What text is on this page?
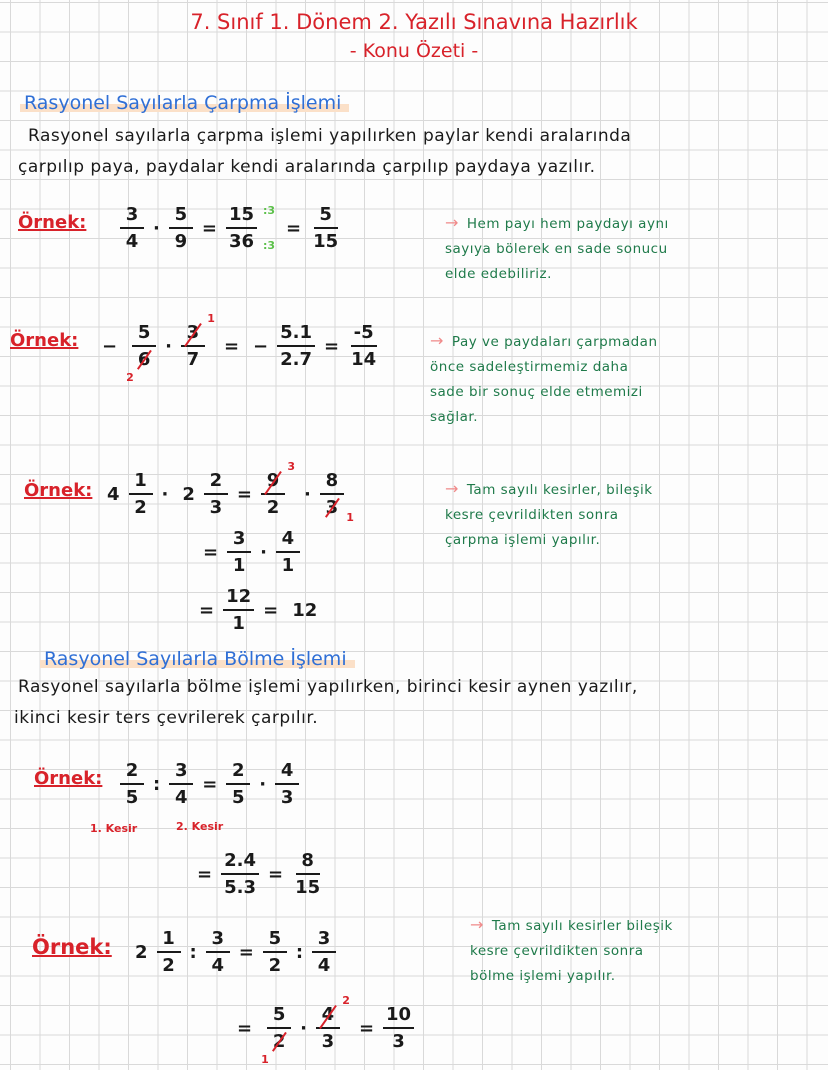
7. Sınıf 1. Dönem 2. Yazılı Sınavına Hazırlık
- Konu Özeti -
Rasyonel Sayılarla Çarpma İşlemi
Rasyonel sayılarla çarpma işlemi yapılırken paylar kendi aralarında
çarpılıp paya, paydalar kendi aralarında çarpılıp paydaya yazılır.
Örnek: $\frac{3}{4} \cdot \frac{5}{9}$ =
15
36
:3
:3
= $\frac{5}{15}$	→ Hem payı hem paydayı aynı
sayıya bölerek en sade sonucu
elde edebiliriz.
Örnek: −
5
6
2
·
3
7
1
= − $\frac{5.1}{2.7} = \frac{-5}{14}$	→ Pay ve paydaları çarpmadan
önce sadeleştirmemiz daha
sade bir sonuç elde etmemizi
sağlar.
Örnek: $4 \frac{1}{2} \cdot 2 \frac{2}{3}$ =
9
2
3
·
8
3 1
= $\frac{3}{1} \cdot \frac{4}{1}$
= $\frac{12}{1} = 12$
→ Tam sayılı kesirler, bileşik
kesre çevrildikten sonra
çarpma işlemi yapılır.
Rasyonel Sayılarla Bölme İşlemi
Rasyonel sayılarla bölme işlemi yapılırken, birinci kesir aynen yazılır,
ikinci kesir ters çevrilerek çarpılır.
Örnek: $\frac{2}{5}$ : $\frac{3}{4} = \frac{2}{5} \cdot \frac{4}{3}$
1. Kesir	2. Kesir
= $\frac{2.4}{5.3} = \frac{8}{15}$
Örnek: $2 \frac{1}{2}$ : $\frac{3}{4} = \frac{5}{2}$ : $\frac{3}{4}$
=
5
2
1
·
4
3
2
= $\frac{10}{3}$
→ Tam sayılı kesirler bileşik
kesre çevrildikten sonra
bölme işlemi yapılır.
